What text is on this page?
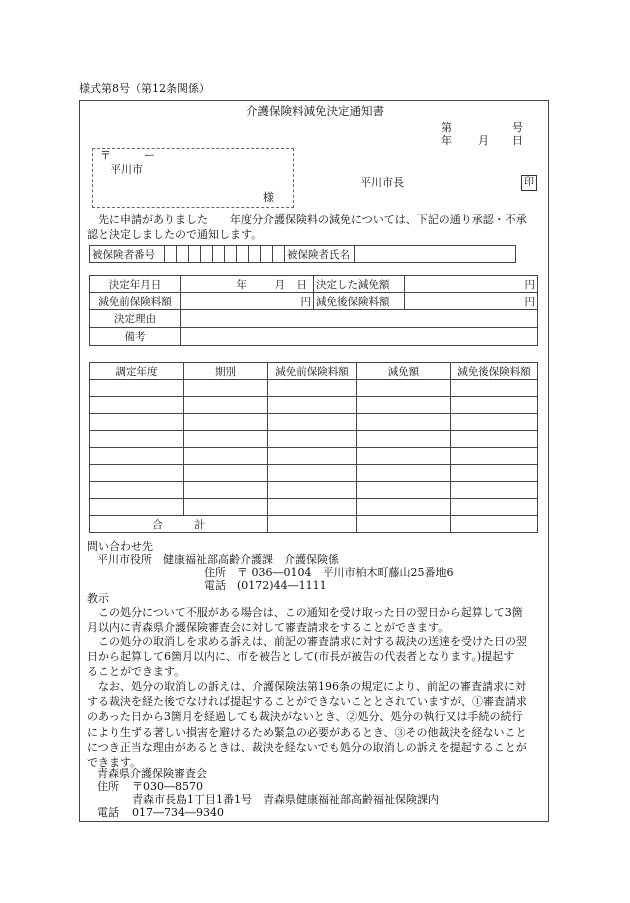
様式第8号（第12条関係）
介護保険料減免決定通知書
第	号
年 月 日
〒　　　ー
平川市
様
平川市長	印
先に申請がありました　　年度分介護保険料の減免については、下記の通り承認・不承
認と決定しましたので通知します。
被保険者番号											被保険者氏名	
決定年月日	年 月 日	決定した減免額	円
減免前保険料額	円	減免後保険料額	円
決定理由			
備考			
調定年度	期別	減免前保険料額	減免額	減免後保険料額

合　　　計				
問い合わせ先
平川市役所　健康福祉部高齢介護課　介護保険係
住所 〒 036―0104　平川市柏木町藤山25番地6
電話 (0172)44―1111
教示
この処分について不服がある場合は、この通知を受け取った日の翌日から起算して3箇
月以内に青森県介護保険審査会に対して審査請求をすることができます。
この処分の取消しを求める訴えは、前記の審査請求に対する裁決の送達を受けた日の翌
日から起算して6箇月以内に、市を被告として(市長が被告の代表者となります。)提起す
ることができます。
なお、処分の取消しの訴えは、介護保険法第196条の規定により、前記の審査請求に対
する裁決を経た後でなければ提起することができないこととされていますが、①審査請求
のあった日から3箇月を経過しても裁決がないとき、②処分、処分の執行又は手続の続行
により生ずる著しい損害を避けるため緊急の必要があるとき、③その他裁決を経ないこと
につき正当な理由があるときは、裁決を経ないでも処分の取消しの訴えを提起することが
できます。
青森県介護保険審査会
住所 〒030―8570
青森市長島1丁目1番1号　青森県健康福祉部高齢福祉保険課内
電話 017―734―9340
